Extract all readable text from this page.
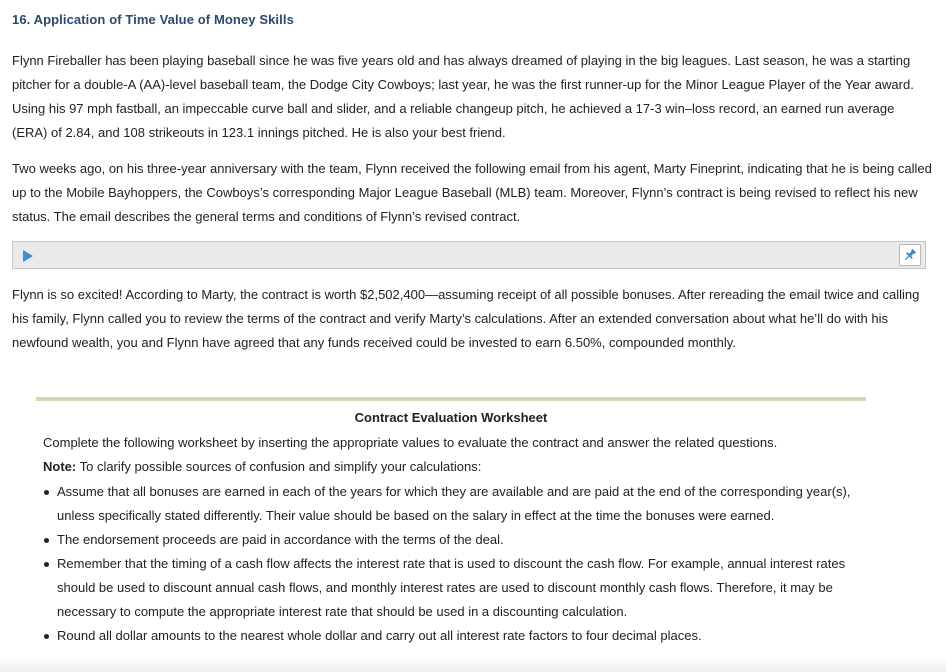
16. Application of Time Value of Money Skills

Flynn Fireballer has been playing baseball since he was five years old and has always dreamed of playing in the big leagues. Last season, he was a starting pitcher for a double-A (AA)-level baseball team, the Dodge City Cowboys; last year, he was the first runner-up for the Minor League Player of the Year award. Using his 97 mph fastball, an impeccable curve ball and slider, and a reliable changeup pitch, he achieved a 17-3 win–loss record, an earned run average (ERA) of 2.84, and 108 strikeouts in 123.1 innings pitched. He is also your best friend.

Two weeks ago, on his three-year anniversary with the team, Flynn received the following email from his agent, Marty Fineprint, indicating that he is being called up to the Mobile Bayhoppers, the Cowboys’s corresponding Major League Baseball (MLB) team. Moreover, Flynn’s contract is being revised to reflect his new status. The email describes the general terms and conditions of Flynn’s revised contract.

Flynn is so excited! According to Marty, the contract is worth $2,502,400—assuming receipt of all possible bonuses. After rereading the email twice and calling his family, Flynn called you to review the terms of the contract and verify Marty’s calculations. After an extended conversation about what he’ll do with his newfound wealth, you and Flynn have agreed that any funds received could be invested to earn 6.50%, compounded monthly.

Contract Evaluation Worksheet

Complete the following worksheet by inserting the appropriate values to evaluate the contract and answer the related questions.

Note: To clarify possible sources of confusion and simplify your calculations:

Assume that all bonuses are earned in each of the years for which they are available and are paid at the end of the corresponding year(s), unless specifically stated differently. Their value should be based on the salary in effect at the time the bonuses were earned.
The endorsement proceeds are paid in accordance with the terms of the deal.
Remember that the timing of a cash flow affects the interest rate that is used to discount the cash flow. For example, annual interest rates should be used to discount annual cash flows, and monthly interest rates are used to discount monthly cash flows. Therefore, it may be necessary to compute the appropriate interest rate that should be used in a discounting calculation.
Round all dollar amounts to the nearest whole dollar and carry out all interest rate factors to four decimal places.
